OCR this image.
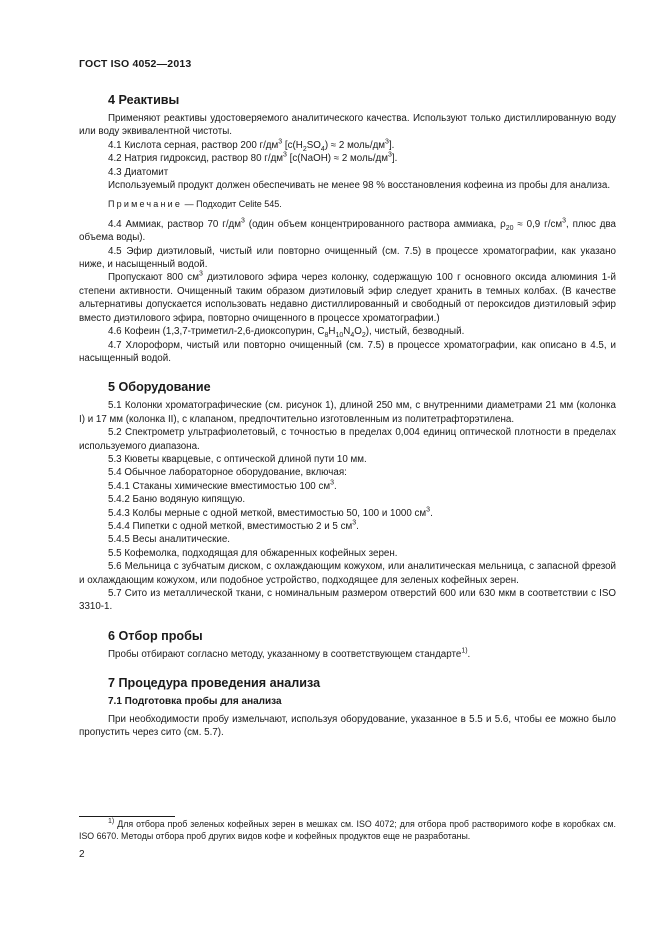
ГОСТ ISO 4052—2013

4 Реактивы

Применяют реактивы удостоверяемого аналитического качества. Используют только дистиллированную воду или воду эквивалентной чистоты.

4.1 Кислота серная, раствор 200 $г/дм^3$ [$c(H_2SO_4) \approx 2$ моль/$дм^3$].

4.2 Натрия гидроксид, раствор 80 $г/дм^3$ [c(NaOH) ≈ 2 моль/$дм^3$].

4.3 Диатомит

Используемый продукт должен обеспечивать не менее 98 % восстановления кофеина из пробы для анализа.

Примечание — Подходит Celite 545.

4.4 Аммиак, раствор 70 $г/дм^3$ (один объем концентрированного раствора аммиака, $\rho_{20} \approx 0,9$ $г/см^3$, плюс два объема воды).

4.5 Эфир диэтиловый, чистый или повторно очищенный (см. 7.5) в процессе хроматографии, как указано ниже, и насыщенный водой.

Пропускают 800 $см^3$ диэтилового эфира через колонку, содержащую 100 г основного оксида алюминия 1-й степени активности. Очищенный таким образом диэтиловый эфир следует хранить в темных колбах. (В качестве альтернативы допускается использовать недавно дистиллированный и свободный от пероксидов диэтиловый эфир вместо диэтилового эфира, повторно очищенного в процессе хроматографии.)

4.6 Кофеин (1,3,7-триметил-2,6-диоксопурин, $C_8H_{10}N_4O_2$), чистый, безводный.

4.7 Хлороформ, чистый или повторно очищенный (см. 7.5) в процессе хроматографии, как описано в 4.5, и насыщенный водой.

5 Оборудование

5.1 Колонки хроматографические (см. рисунок 1), длиной 250 мм, с внутренними диаметрами 21 мм (колонка I) и 17 мм (колонка II), с клапаном, предпочтительно изготовленным из политетрафторэтилена.

5.2 Спектрометр ультрафиолетовый, с точностью в пределах 0,004 единиц оптической плотности в пределах используемого диапазона.

5.3 Кюветы кварцевые, с оптической длиной пути 10 мм.

5.4 Обычное лабораторное оборудование, включая:

5.4.1 Стаканы химические вместимостью 100 $см^3$.

5.4.2 Баню водяную кипящую.

5.4.3 Колбы мерные с одной меткой, вместимостью 50, 100 и 1000 $см^3$.

5.4.4 Пипетки с одной меткой, вместимостью 2 и 5 $см^3$.

5.4.5 Весы аналитические.

5.5 Кофемолка, подходящая для обжаренных кофейных зерен.

5.6 Мельница с зубчатым диском, с охлаждающим кожухом, или аналитическая мельница, с запасной фрезой и охлаждающим кожухом, или подобное устройство, подходящее для зеленых кофейных зерен.

5.7 Сито из металлической ткани, с номинальным размером отверстий 600 или 630 мкм в соответствии с ISO 3310-1.

6 Отбор пробы

Пробы отбирают согласно методу, указанному в соответствующем стандарте$^{1)}$.

7 Процедура проведения анализа

7.1 Подготовка пробы для анализа

При необходимости пробу измельчают, используя оборудование, указанное в 5.5 и 5.6, чтобы ее можно было пропустить через сито (см. 5.7).

$^{1)}$ Для отбора проб зеленых кофейных зерен в мешках см. ISO 4072; для отбора проб растворимого кофе в коробках см. ISO 6670. Методы отбора проб других видов кофе и кофейных продуктов еще не разработаны.

2
